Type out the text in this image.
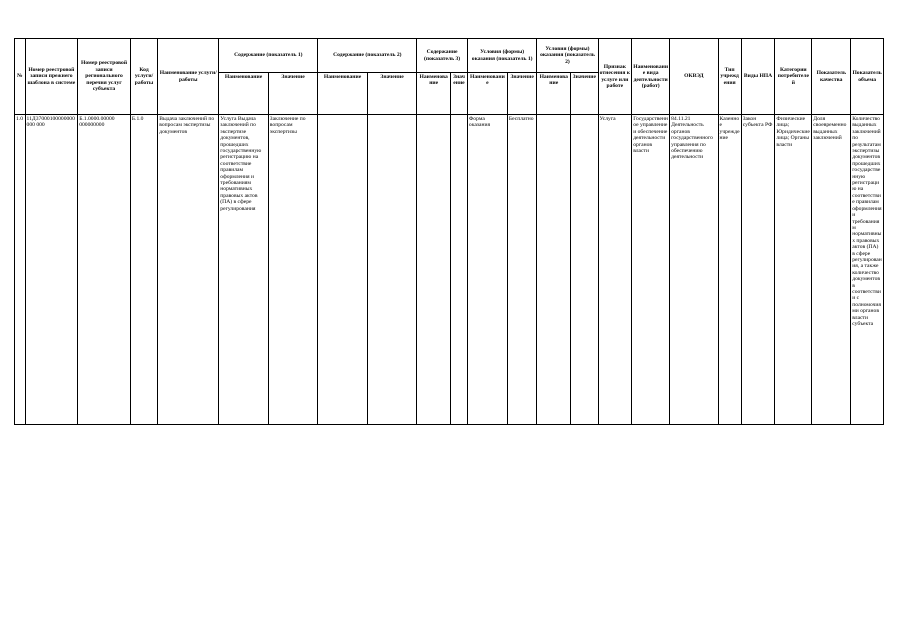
№	Номер реестровой записи прежнего шаблона в системе	Номер реестровой записи регионального перечня услуг субъекта	Код услуги/работы	Наименование услуги/работы	Содержание (показатель 1)		Содержание (показатель 2)		Содержание (показатель 3)		Условия (формы) оказания (показатель 1)		Условия (формы) оказания (показатель 2)		Признак отнесения к услуге или работе	Наименование вида деятельности (работ)	ОКВЭД	Тип учреждения	Виды НПА	Категории потребителей	Показатель качества	Показатель объема
					Наименование	Значение	Наименование	Значение	Наименование	Значение	Наименование	Значение	Наименование	Значение								
1.0	11Д37000100000000000 000	Б.1.0000.00000 000000000	Б.1.0	Выдача заключений по вопросам экспертизы документов	Услуга Выдача заключений по экспертизе документов, прошедших государственную регистрацию на соответствие правилам оформления и требованиям нормативных правовых актов (ПА) в сфере регулирования	Заключение по вопросам экспертизы					Форма оказания	Бесплатно			Услуга	Государственное управление и обеспечение деятельности органов власти	84.11.21 Деятельность органов государственного управления по обеспечению деятельности	Казенное учреждение	Закон субъекта РФ	Физические лица; Юридические лица; Органы власти	Доля своевременно выданных заключений	Количество выданных заключений по результатам экспертизы документов прошедших государственную регистрацию на соответствие правилам оформления и требованиям нормативных правовых актов (ПА) в сфере регулирования, а также количество документов в соответствии с полномочиями органов власти субъекта
